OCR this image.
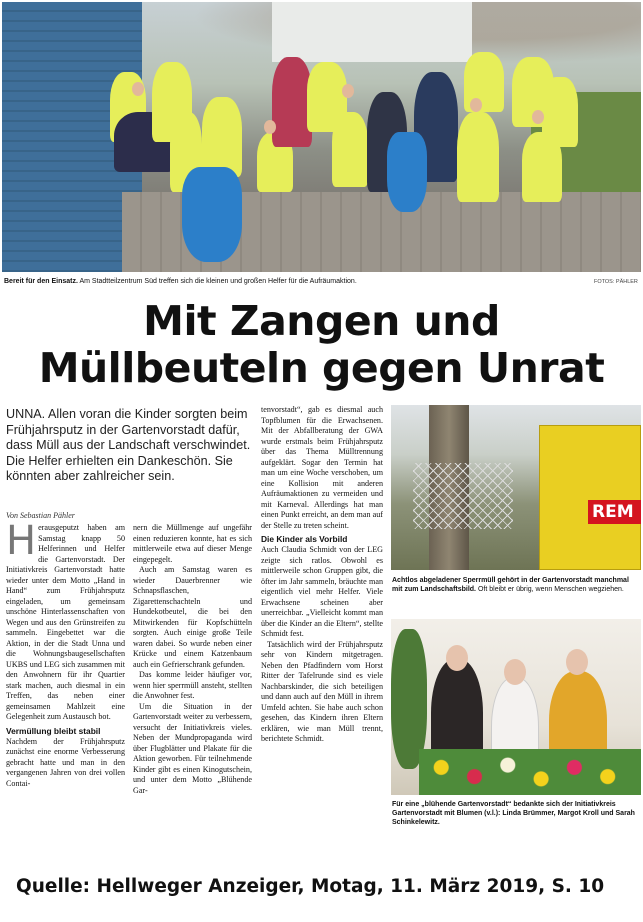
Bereit für den Einsatz. Am Stadtteilzentrum Süd treffen sich die kleinen und großen Helfer für die Aufräumaktion.	FOTOS: PÄHLER
Mit Zangen und
Müllbeuteln gegen Unrat
UNNA. Allen voran die Kinder sorgten beim Frühjahrsputz in der Gartenvorstadt dafür, dass Müll aus der Landschaft verschwindet. Die Helfer erhielten ein Dankeschön. Sie könnten aber zahlreicher sein.
Von Sebastian Pähler

Herausgeputzt haben am Samstag knapp 50 Helferinnen und Helfer die Gartenvorstadt. Der Initiativkreis Gartenvorstadt hatte wieder unter dem Motto „Hand in Hand“ zum Frühjahrsputz eingeladen, um gemeinsam unschöne Hinterlassenschaften von Wegen und aus den Grünstreifen zu sammeln. Eingebettet war die Aktion, in der die Stadt Unna und die Wohnungsbaugesellschaften UKBS und LEG sich zusammen mit den Anwohnern für ihr Quartier stark machen, auch diesmal in ein Treffen, das neben einer gemeinsamen Mahlzeit eine Gelegenheit zum Austausch bot.

Vermüllung bleibt stabil

Nachdem der Frühjahrsputz zunächst eine enorme Verbesserung gebracht hatte und man in den vergangenen Jahren von drei vollen Contai-

nern die Müllmenge auf ungefähr einen reduzieren konnte, hat es sich mittlerweile etwa auf dieser Menge eingepegelt.

Auch am Samstag waren es wieder Dauerbrenner wie Schnapsflaschen, Zigarettenschachteln und Hundekotbeutel, die bei den Mitwirkenden für Kopfschütteln sorgten. Auch einige große Teile waren dabei. So wurde neben einer Krücke und einem Katzenbaum auch ein Gefrierschrank gefunden.

Das komme leider häufiger vor, wenn hier sperrmüll ansteht, stellten die Anwohner fest.

Um die Situation in der Gartenvorstadt weiter zu verbessern, versucht der Initiativkreis vieles. Neben der Mundpropaganda wird über Flugblätter und Plakate für die Aktion geworben. Für teilnehmende Kinder gibt es einen Kinogutschein, und unter dem Motto „Blühende Gar-

tenvorstadt“, gab es diesmal auch Topfblumen für die Erwachsenen. Mit der Abfallberatung der GWA wurde erstmals beim Frühjahrsputz über das Thema Mülltrennung aufgeklärt. Sogar den Termin hat man um eine Woche verschoben, um eine Kollision mit anderen Aufräumaktionen zu vermeiden und mit Karneval. Allerdings hat man einen Punkt erreicht, an dem man auf der Stelle zu treten scheint.

Die Kinder als Vorbild

Auch Claudia Schmidt von der LEG zeigte sich ratlos. Obwohl es mittlerweile schon Gruppen gibt, die öfter im Jahr sammeln, bräuchte man eigentlich viel mehr Helfer. Viele Erwachsene scheinen aber unerreichbar. „Vielleicht kommt man über die Kinder an die Eltern“, stellte Schmidt fest.

Tatsächlich wird der Frühjahrsputz sehr von Kindern mitgetragen. Neben den Pfadfindern vom Horst Ritter der Tafelrunde sind es viele Nachbarskinder, die sich beteiligen und dann auch auf den Müll in ihrem Umfeld achten. Sie habe auch schon gesehen, das Kindern ihren Eltern erklären, wie man Müll trennt, berichtete Schmidt.

REM
Achtlos abgeladener Sperrmüll gehört in der Gartenvorstadt manchmal mit zum Landschaftsbild. Oft bleibt er übrig, wenn Menschen wegziehen.
Für eine „blühende Gartenvorstadt“ bedankte sich der Initiativkreis Gartenvorstadt mit Blumen (v.l.): Linda Brümmer, Margot Kroll und Sarah Schinkelewitz.
Quelle: Hellweger Anzeiger, Motag, 11. März 2019, S. 10
